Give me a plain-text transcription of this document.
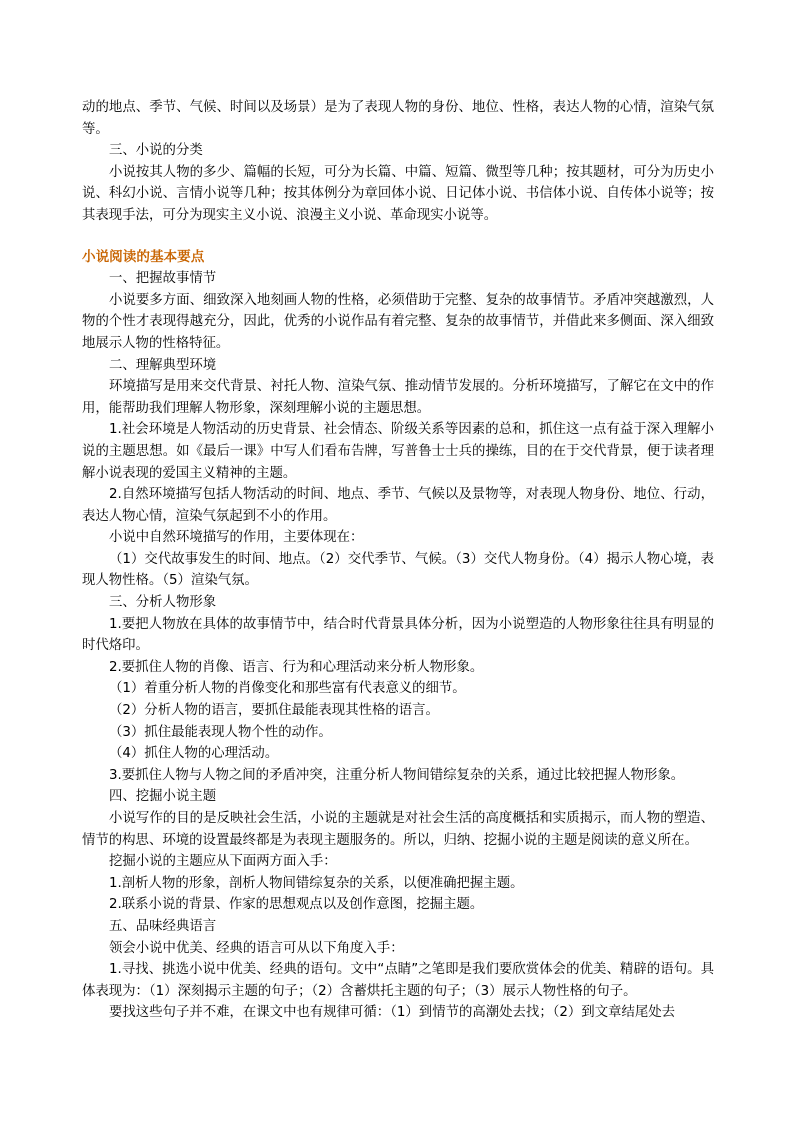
动的地点、季节、气候、时间以及场景）是为了表现人物的身份、地位、性格，表达人物的心情，渲染气氛等。

三、小说的分类

小说按其人物的多少、篇幅的长短，可分为长篇、中篇、短篇、微型等几种；按其题材，可分为历史小说、科幻小说、言情小说等几种；按其体例分为章回体小说、日记体小说、书信体小说、自传体小说等；按其表现手法，可分为现实主义小说、浪漫主义小说、革命现实小说等。

小说阅读的基本要点

一、把握故事情节

小说要多方面、细致深入地刻画人物的性格，必须借助于完整、复杂的故事情节。矛盾冲突越激烈，人物的个性才表现得越充分，因此，优秀的小说作品有着完整、复杂的故事情节，并借此来多侧面、深入细致地展示人物的性格特征。

二、理解典型环境

环境描写是用来交代背景、衬托人物、渲染气氛、推动情节发展的。分析环境描写，了解它在文中的作用，能帮助我们理解人物形象，深刻理解小说的主题思想。

1.社会环境是人物活动的历史背景、社会情态、阶级关系等因素的总和，抓住这一点有益于深入理解小说的主题思想。如《最后一课》中写人们看布告牌，写普鲁士士兵的操练，目的在于交代背景，便于读者理解小说表现的爱国主义精神的主题。

2.自然环境描写包括人物活动的时间、地点、季节、气候以及景物等，对表现人物身份、地位、行动，表达人物心情，渲染气氛起到不小的作用。

小说中自然环境描写的作用，主要体现在：

（1）交代故事发生的时间、地点。（2）交代季节、气候。（3）交代人物身份。（4）揭示人物心境，表现人物性格。（5）渲染气氛。

三、分析人物形象

1.要把人物放在具体的故事情节中，结合时代背景具体分析，因为小说塑造的人物形象往往具有明显的时代烙印。

2.要抓住人物的肖像、语言、行为和心理活动来分析人物形象。

（1）着重分析人物的肖像变化和那些富有代表意义的细节。

（2）分析人物的语言，要抓住最能表现其性格的语言。

（3）抓住最能表现人物个性的动作。

（4）抓住人物的心理活动。

3.要抓住人物与人物之间的矛盾冲突，注重分析人物间错综复杂的关系，通过比较把握人物形象。

四、挖掘小说主题

小说写作的目的是反映社会生活，小说的主题就是对社会生活的高度概括和实质揭示，而人物的塑造、情节的构思、环境的设置最终都是为表现主题服务的。所以，归纳、挖掘小说的主题是阅读的意义所在。

挖掘小说的主题应从下面两方面入手：

1.剖析人物的形象，剖析人物间错综复杂的关系，以便准确把握主题。

2.联系小说的背景、作家的思想观点以及创作意图，挖掘主题。

五、品味经典语言

领会小说中优美、经典的语言可从以下角度入手：

1.寻找、挑选小说中优美、经典的语句。文中“点睛”之笔即是我们要欣赏体会的优美、精辟的语句。具体表现为：（1）深刻揭示主题的句子；（2）含蓄烘托主题的句子；（3）展示人物性格的句子。

要找这些句子并不难，在课文中也有规律可循：（1）到情节的高潮处去找；（2）到文章结尾处去
